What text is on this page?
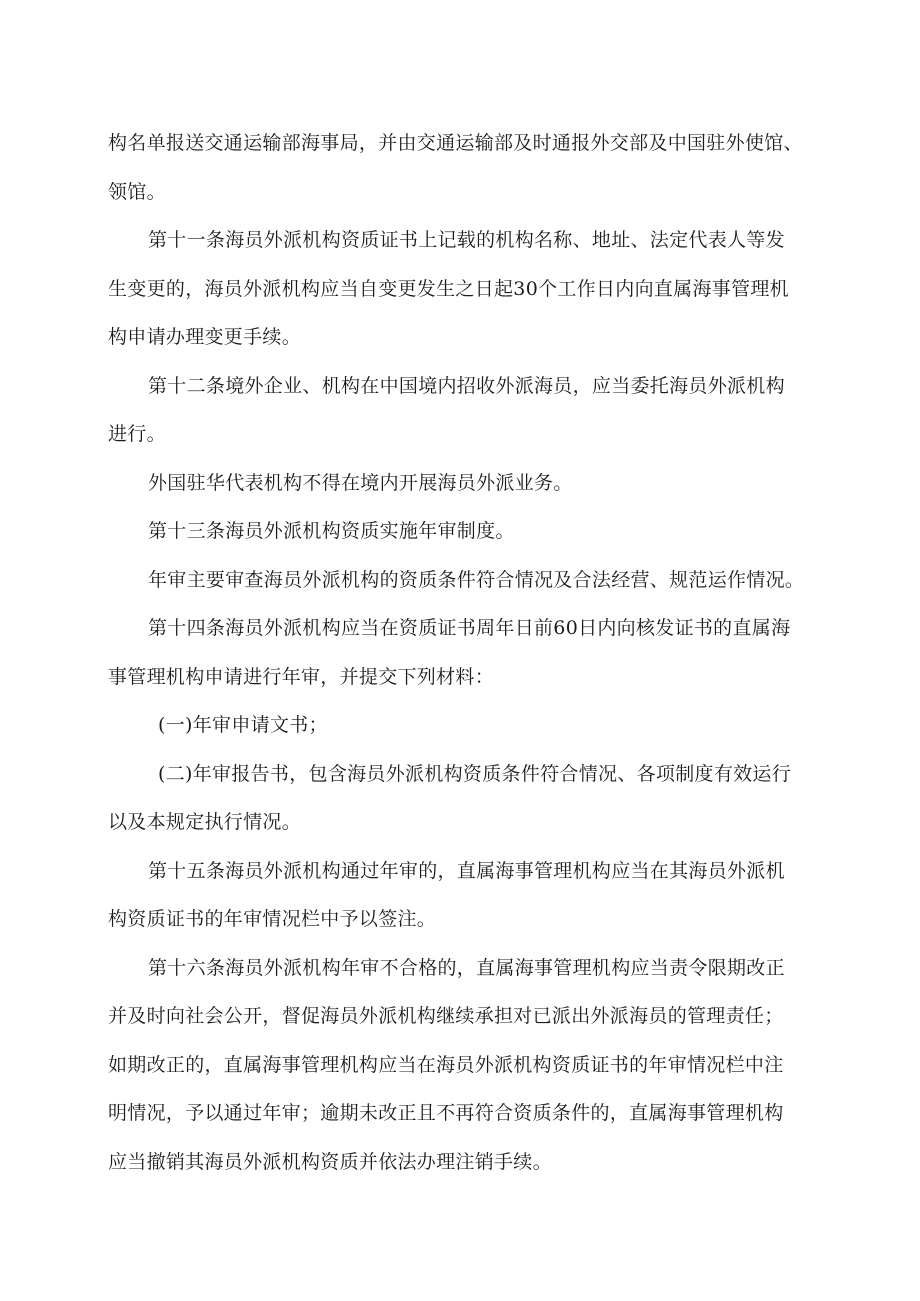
构名单报送交通运输部海事局，并由交通运输部及时通报外交部及中国驻外使馆、

领馆。

第十一条海员外派机构资质证书上记载的机构名称、地址、法定代表人等发

生变更的，海员外派机构应当自变更发生之日起30个工作日内向直属海事管理机

构申请办理变更手续。

第十二条境外企业、机构在中国境内招收外派海员，应当委托海员外派机构

进行。

外国驻华代表机构不得在境内开展海员外派业务。

第十三条海员外派机构资质实施年审制度。

年审主要审查海员外派机构的资质条件符合情况及合法经营、规范运作情况。

第十四条海员外派机构应当在资质证书周年日前60日内向核发证书的直属海

事管理机构申请进行年审，并提交下列材料：

(一)年审申请文书；

(二)年审报告书，包含海员外派机构资质条件符合情况、各项制度有效运行

以及本规定执行情况。

第十五条海员外派机构通过年审的，直属海事管理机构应当在其海员外派机

构资质证书的年审情况栏中予以签注。

第十六条海员外派机构年审不合格的，直属海事管理机构应当责令限期改正

并及时向社会公开，督促海员外派机构继续承担对已派出外派海员的管理责任；

如期改正的，直属海事管理机构应当在海员外派机构资质证书的年审情况栏中注

明情况，予以通过年审；逾期未改正且不再符合资质条件的，直属海事管理机构

应当撤销其海员外派机构资质并依法办理注销手续。
